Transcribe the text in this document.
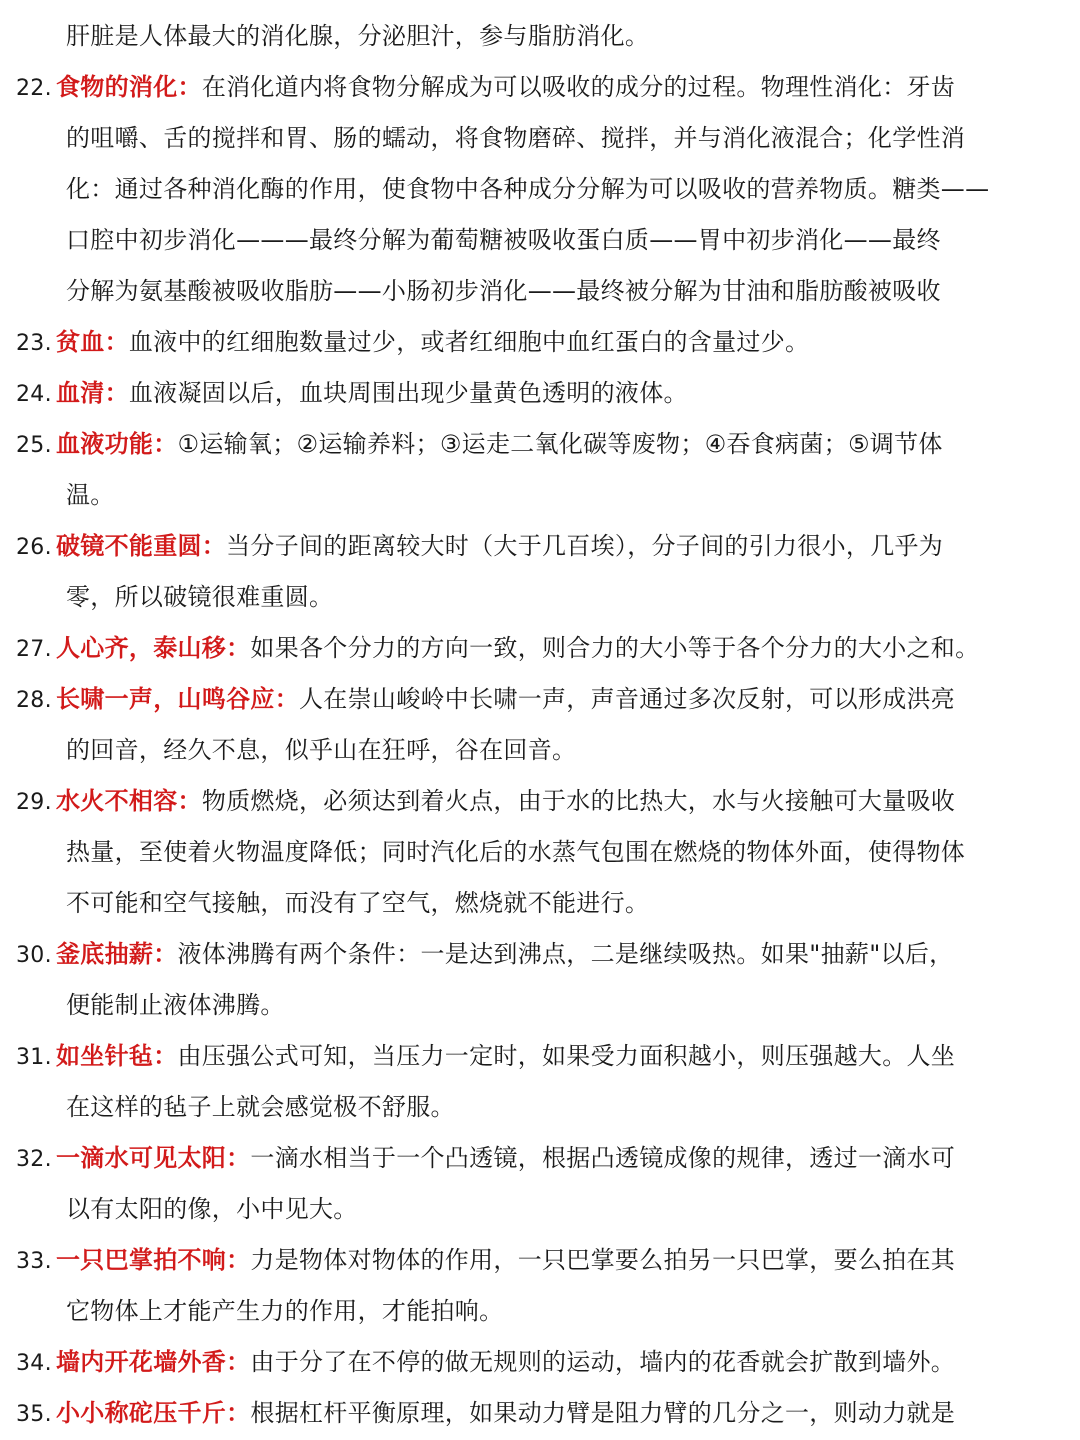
肝脏是人体最大的消化腺，分泌胆汁，参与脂肪消化。
22. 食物的消化：在消化道内将食物分解成为可以吸收的成分的过程。物理性消化：牙齿
的咀嚼、舌的搅拌和胃、肠的蠕动，将食物磨碎、搅拌，并与消化液混合；化学性消
化：通过各种消化酶的作用，使食物中各种成分分解为可以吸收的营养物质。糖类——
口腔中初步消化———最终分解为葡萄糖被吸收蛋白质——胃中初步消化——最终
分解为氨基酸被吸收脂肪——小肠初步消化——最终被分解为甘油和脂肪酸被吸收
23. 贫血：血液中的红细胞数量过少，或者红细胞中血红蛋白的含量过少。
24. 血清：血液凝固以后，血块周围出现少量黄色透明的液体。
25. 血液功能：①运输氧；②运输养料；③运走二氧化碳等废物；④吞食病菌；⑤调节体
温。
26. 破镜不能重圆：当分子间的距离较大时（大于几百埃），分子间的引力很小，几乎为
零，所以破镜很难重圆。
27. 人心齐，泰山移：如果各个分力的方向一致，则合力的大小等于各个分力的大小之和。
28. 长啸一声，山鸣谷应：人在崇山峻岭中长啸一声，声音通过多次反射，可以形成洪亮
的回音，经久不息，似乎山在狂呼，谷在回音。
29. 水火不相容：物质燃烧，必须达到着火点，由于水的比热大，水与火接触可大量吸收
热量，至使着火物温度降低；同时汽化后的水蒸气包围在燃烧的物体外面，使得物体
不可能和空气接触，而没有了空气，燃烧就不能进行。
30. 釜底抽薪：液体沸腾有两个条件：一是达到沸点，二是继续吸热。如果"抽薪"以后，
便能制止液体沸腾。
31. 如坐针毡：由压强公式可知，当压力一定时，如果受力面积越小，则压强越大。人坐
在这样的毡子上就会感觉极不舒服。
32. 一滴水可见太阳：一滴水相当于一个凸透镜，根据凸透镜成像的规律，透过一滴水可
以有太阳的像，小中见大。
33. 一只巴掌拍不响：力是物体对物体的作用，一只巴掌要么拍另一只巴掌，要么拍在其
它物体上才能产生力的作用，才能拍响。
34. 墙内开花墙外香：由于分了在不停的做无规则的运动，墙内的花香就会扩散到墙外。
35. 小小称砣压千斤：根据杠杆平衡原理，如果动力臂是阻力臂的几分之一，则动力就是
